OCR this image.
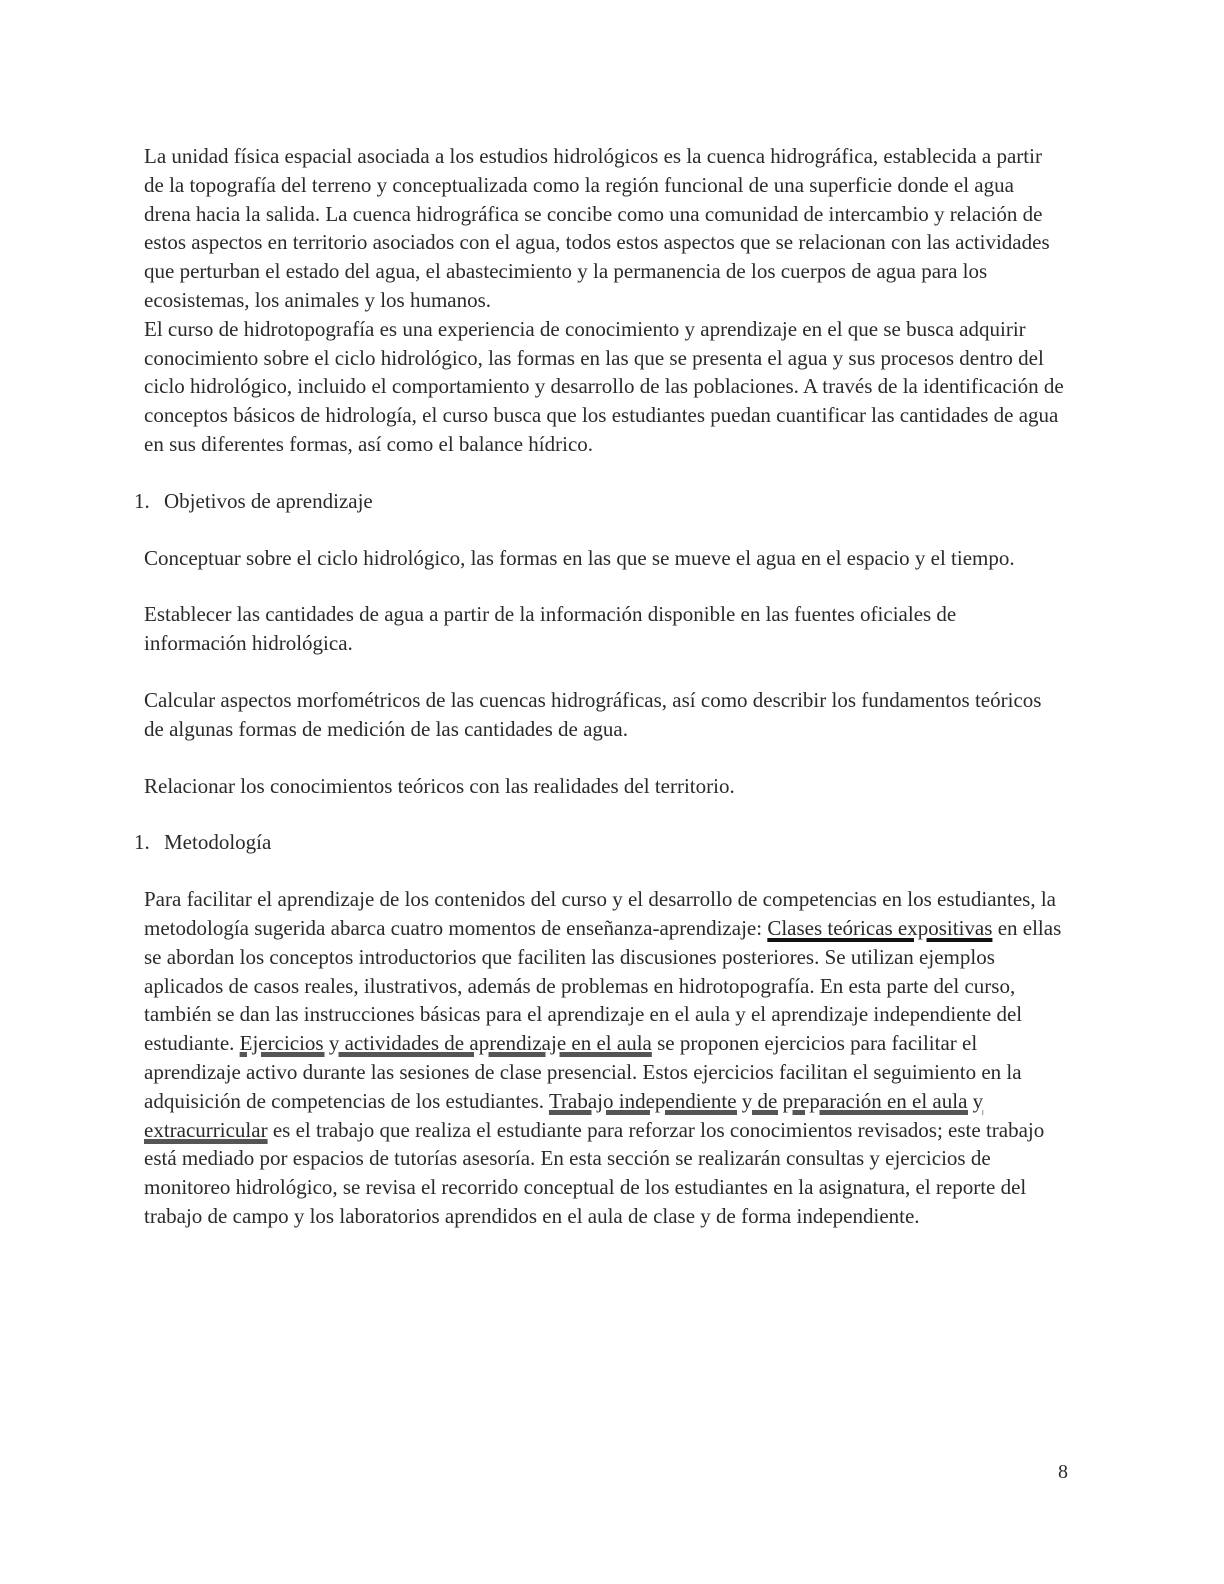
La unidad física espacial asociada a los estudios hidrológicos es la cuenca hidrográfica, establecida a partir de la topografía del terreno y conceptualizada como la región funcional de una superficie donde el agua drena hacia la salida. La cuenca hidrográfica se concibe como una comunidad de intercambio y relación de estos aspectos en territorio asociados con el agua, todos estos aspectos que se relacionan con las actividades que perturban el estado del agua, el abastecimiento y la permanencia de los cuerpos de agua para los ecosistemas, los animales y los humanos.

El curso de hidrotopografía es una experiencia de conocimiento y aprendizaje en el que se busca adquirir conocimiento sobre el ciclo hidrológico, las formas en las que se presenta el agua y sus procesos dentro del ciclo hidrológico, incluido el comportamiento y desarrollo de las poblaciones. A través de la identificación de conceptos básicos de hidrología, el curso busca que los estudiantes puedan cuantificar las cantidades de agua en sus diferentes formas, así como el balance hídrico.

1. Objetivos de aprendizaje

Conceptuar sobre el ciclo hidrológico, las formas en las que se mueve el agua en el espacio y el tiempo.

Establecer las cantidades de agua a partir de la información disponible en las fuentes oficiales de información hidrológica.

Calcular aspectos morfométricos de las cuencas hidrográficas, así como describir los fundamentos teóricos de algunas formas de medición de las cantidades de agua.

Relacionar los conocimientos teóricos con las realidades del territorio.

1. Metodología

Para facilitar el aprendizaje de los contenidos del curso y el desarrollo de competencias en los estudiantes, la metodología sugerida abarca cuatro momentos de enseñanza-aprendizaje: Clases teóricas expositivas en ellas se abordan los conceptos introductorios que faciliten las discusiones posteriores. Se utilizan ejemplos aplicados de casos reales, ilustrativos, además de problemas en hidrotopografía. En esta parte del curso, también se dan las instrucciones básicas para el aprendizaje en el aula y el aprendizaje independiente del estudiante. Ejercicios y actividades de aprendizaje en el aula se proponen ejercicios para facilitar el aprendizaje activo durante las sesiones de clase presencial. Estos ejercicios facilitan el seguimiento en la adquisición de competencias de los estudiantes. Trabajo independiente y de preparación en el aula y extracurricular es el trabajo que realiza el estudiante para reforzar los conocimientos revisados; este trabajo está mediado por espacios de tutorías asesoría. En esta sección se realizarán consultas y ejercicios de monitoreo hidrológico, se revisa el recorrido conceptual de los estudiantes en la asignatura, el reporte del trabajo de campo y los laboratorios aprendidos en el aula de clase y de forma independiente.

8
